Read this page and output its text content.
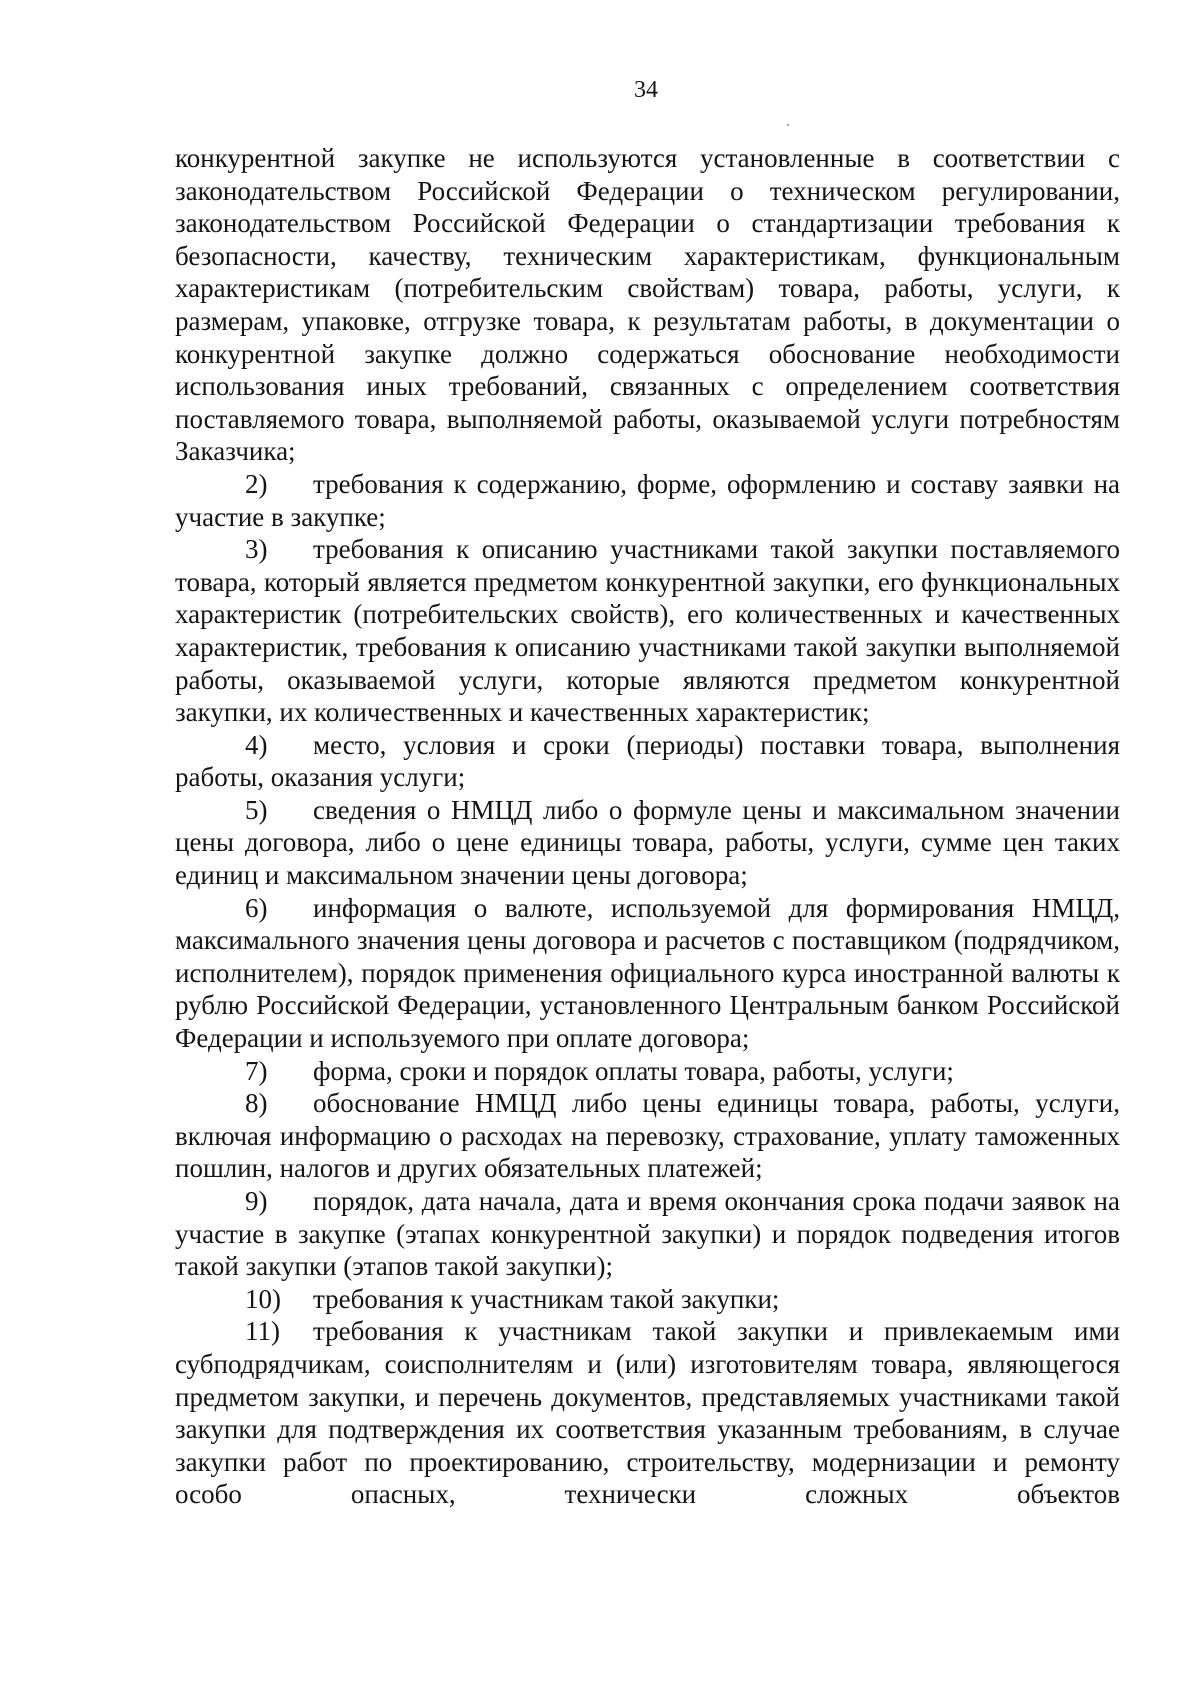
34

конкурентной закупке не используются установленные в соответствии с законодательством Российской Федерации о техническом регулировании, законодательством Российской Федерации о стандартизации требования к безопасности, качеству, техническим характеристикам, функциональным характеристикам (потребительским свойствам) товара, работы, услуги, к размерам, упаковке, отгрузке товара, к результатам работы, в документации о конкурентной закупке должно содержаться обоснование необходимости использования иных требований, связанных с определением соответствия поставляемого товара, выполняемой работы, оказываемой услуги потребностям Заказчика;

2) требования к содержанию, форме, оформлению и составу заявки на участие в закупке;

3) требования к описанию участниками такой закупки поставляемого товара, который является предметом конкурентной закупки, его функциональных характеристик (потребительских свойств), его количественных и качественных характеристик, требования к описанию участниками такой закупки выполняемой работы, оказываемой услуги, которые являются предметом конкурентной закупки, их количественных и качественных характеристик;

4) место, условия и сроки (периоды) поставки товара, выполнения работы, оказания услуги;

5) сведения о НМЦД либо о формуле цены и максимальном значении цены договора, либо о цене единицы товара, работы, услуги, сумме цен таких единиц и максимальном значении цены договора;

6) информация о валюте, используемой для формирования НМЦД, максимального значения цены договора и расчетов с поставщиком (подрядчиком, исполнителем), порядок применения официального курса иностранной валюты к рублю Российской Федерации, установленного Центральным банком Российской Федерации и используемого при оплате договора;

7) форма, сроки и порядок оплаты товара, работы, услуги;

8) обоснование НМЦД либо цены единицы товара, работы, услуги, включая информацию о расходах на перевозку, страхование, уплату таможенных пошлин, налогов и других обязательных платежей;

9) порядок, дата начала, дата и время окончания срока подачи заявок на участие в закупке (этапах конкурентной закупки) и порядок подведения итогов такой закупки (этапов такой закупки);

10) требования к участникам такой закупки;

11) требования к участникам такой закупки и привлекаемым ими субподрядчикам, соисполнителям и (или) изготовителям товара, являющегося предметом закупки, и перечень документов, представляемых участниками такой закупки для подтверждения их соответствия указанным требованиям, в случае закупки работ по проектированию, строительству, модернизации и ремонту особо опасных, технически сложных объектов
